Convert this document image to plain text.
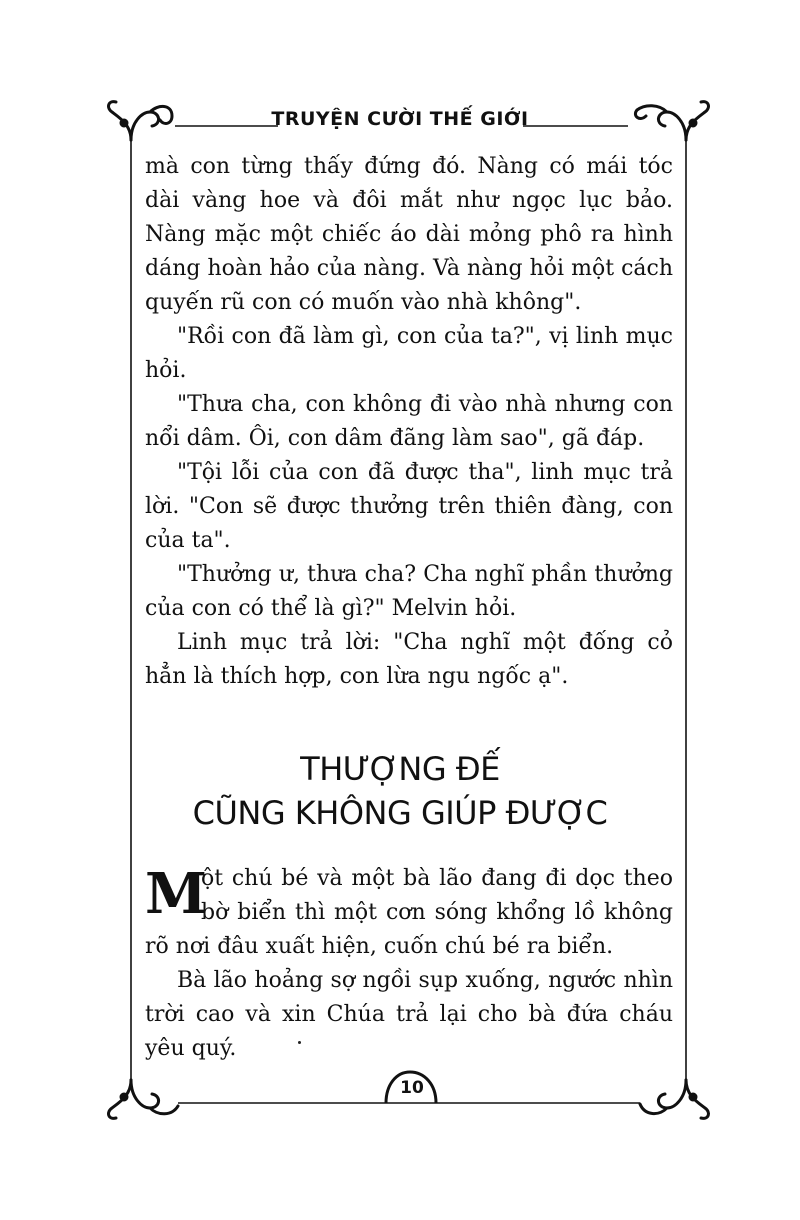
TRUYỆN CƯỜI THẾ GIỚI

mà con từng thấy đứng đó. Nàng có mái tóc dài vàng hoe và đôi mắt như ngọc lục bảo. Nàng mặc một chiếc áo dài mỏng phô ra hình dáng hoàn hảo của nàng. Và nàng hỏi một cách quyến rũ con có muốn vào nhà không".

"Rồi con đã làm gì, con của ta?", vị linh mục hỏi.

"Thưa cha, con không đi vào nhà nhưng con nổi dâm. Ôi, con dâm đãng làm sao", gã đáp.

"Tội lỗi của con đã được tha", linh mục trả lời. "Con sẽ được thưởng trên thiên đàng, con của ta".

"Thưởng ư, thưa cha? Cha nghĩ phần thưởng của con có thể là gì?" Melvin hỏi.

Linh mục trả lời: "Cha nghĩ một đống cỏ hẳn là thích hợp, con lừa ngu ngốc ạ".

THƯỢNG ĐẾ
CŨNG KHÔNG GIÚP ĐƯỢC

M
ột chú bé và một bà lão đang đi dọc theo bờ biển thì một cơn sóng khổng lồ không rõ nơi đâu xuất hiện, cuốn chú bé ra biển.

Bà lão hoảng sợ ngồi sụp xuống, ngước nhìn trời cao và xin Chúa trả lại cho bà đứa cháu yêu quý.

10
